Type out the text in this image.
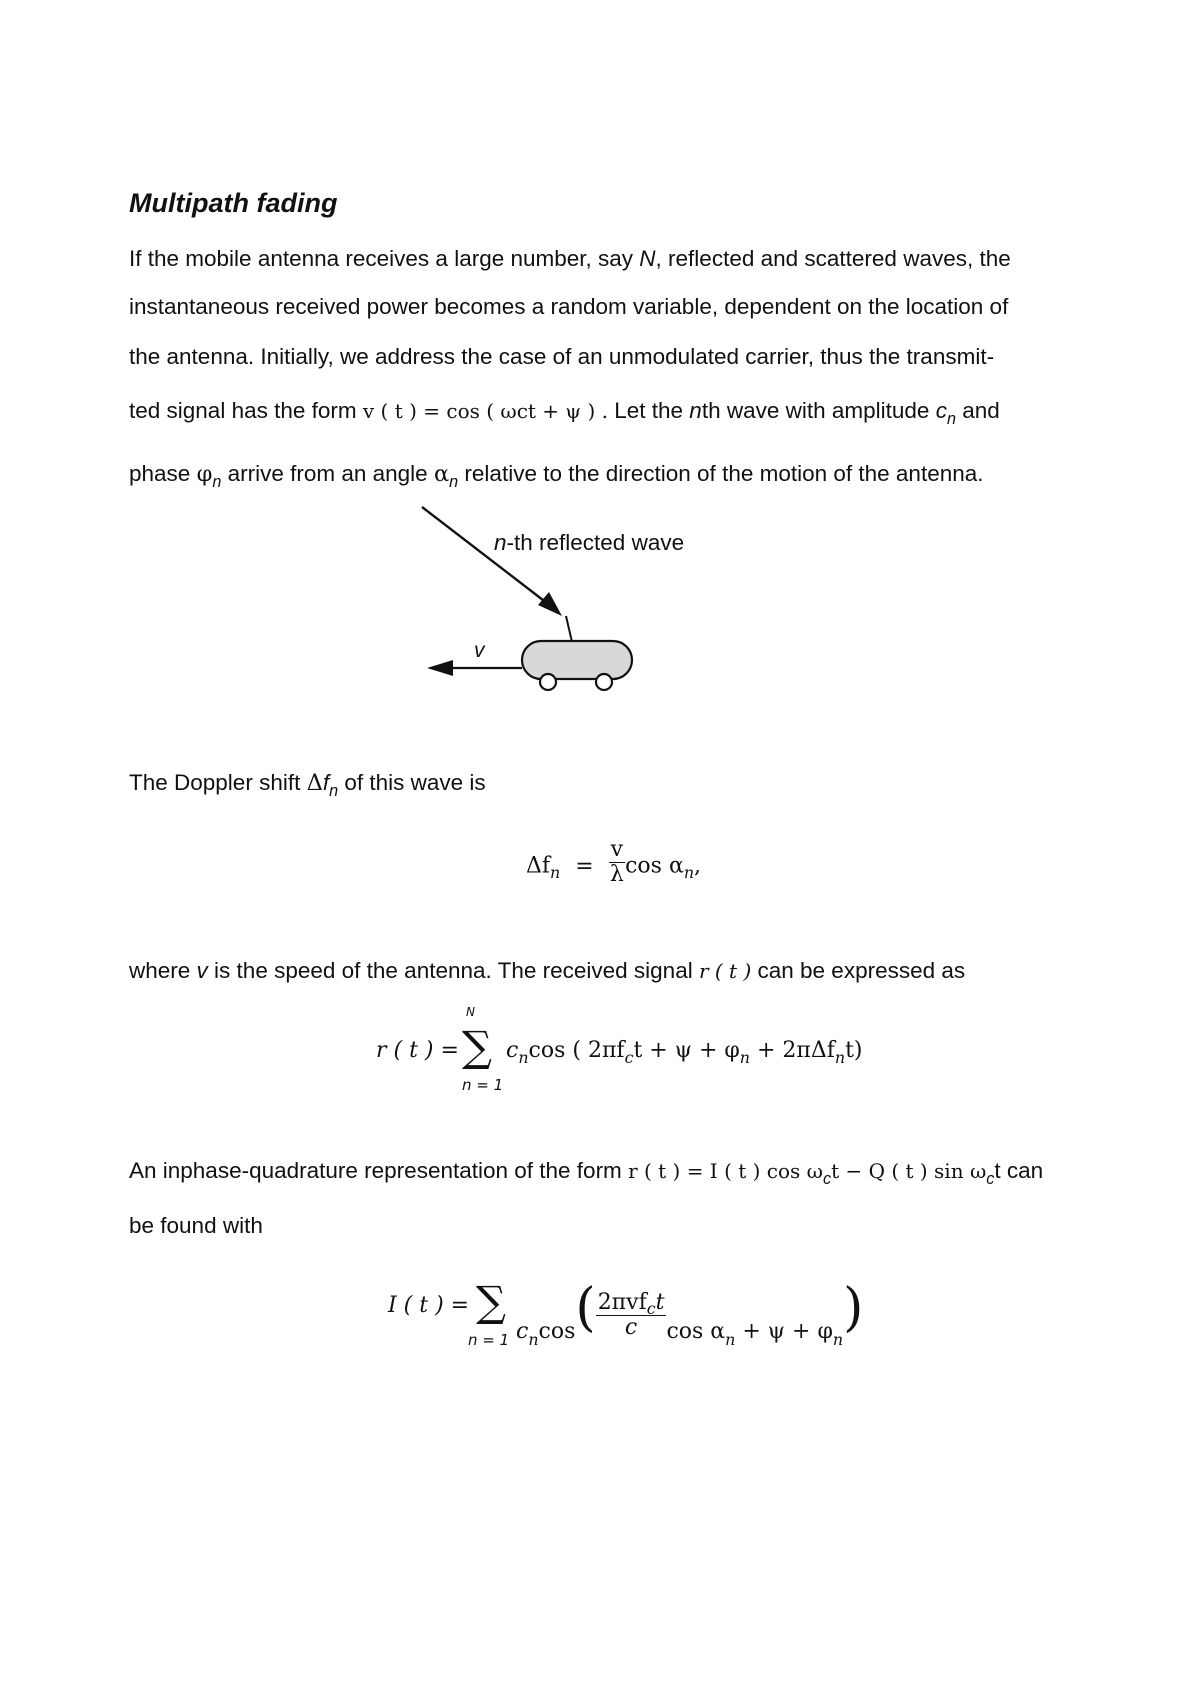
Multipath fading
If the mobile antenna receives a large number, say N, reflected and scattered waves, the
instantaneous received power becomes a random variable, dependent on the location of
the antenna. Initially, we address the case of an unmodulated carrier, thus the transmit-
ted signal has the form v ( t ) = cos ( ωct + ψ ) . Let the nth wave with amplitude $c_n$ and
phase $\varphi_n$ arrive from an angle $\alpha_n$ relative to the direction of the motion of the antenna.
n-th reflected wave
v
The Doppler shift $\Delta f_n$ of this wave is
$\Delta f_n = \frac{v}{\lambda}$ $\cos \alpha_n$,
where v is the speed of the antenna. The received signal r ( t ) can be expressed as
N
r ( t ) = ∑ $c_n\cos$ ( $2\pi f_ct + \psi + \varphi_n + 2\pi\Delta f_nt$)
n = 1
An inphase-quadrature representation of the form r ( t ) = I ( t ) $\cos \omega_ct - Q$ ( t ) $\sin \omega_ct$ can
be found with
I ( t ) = ∑
$c_n\cos( \frac{2\pi vf_ct}{c}$ $\cos \alpha_n + \psi + \varphi_n$)
n = 1
